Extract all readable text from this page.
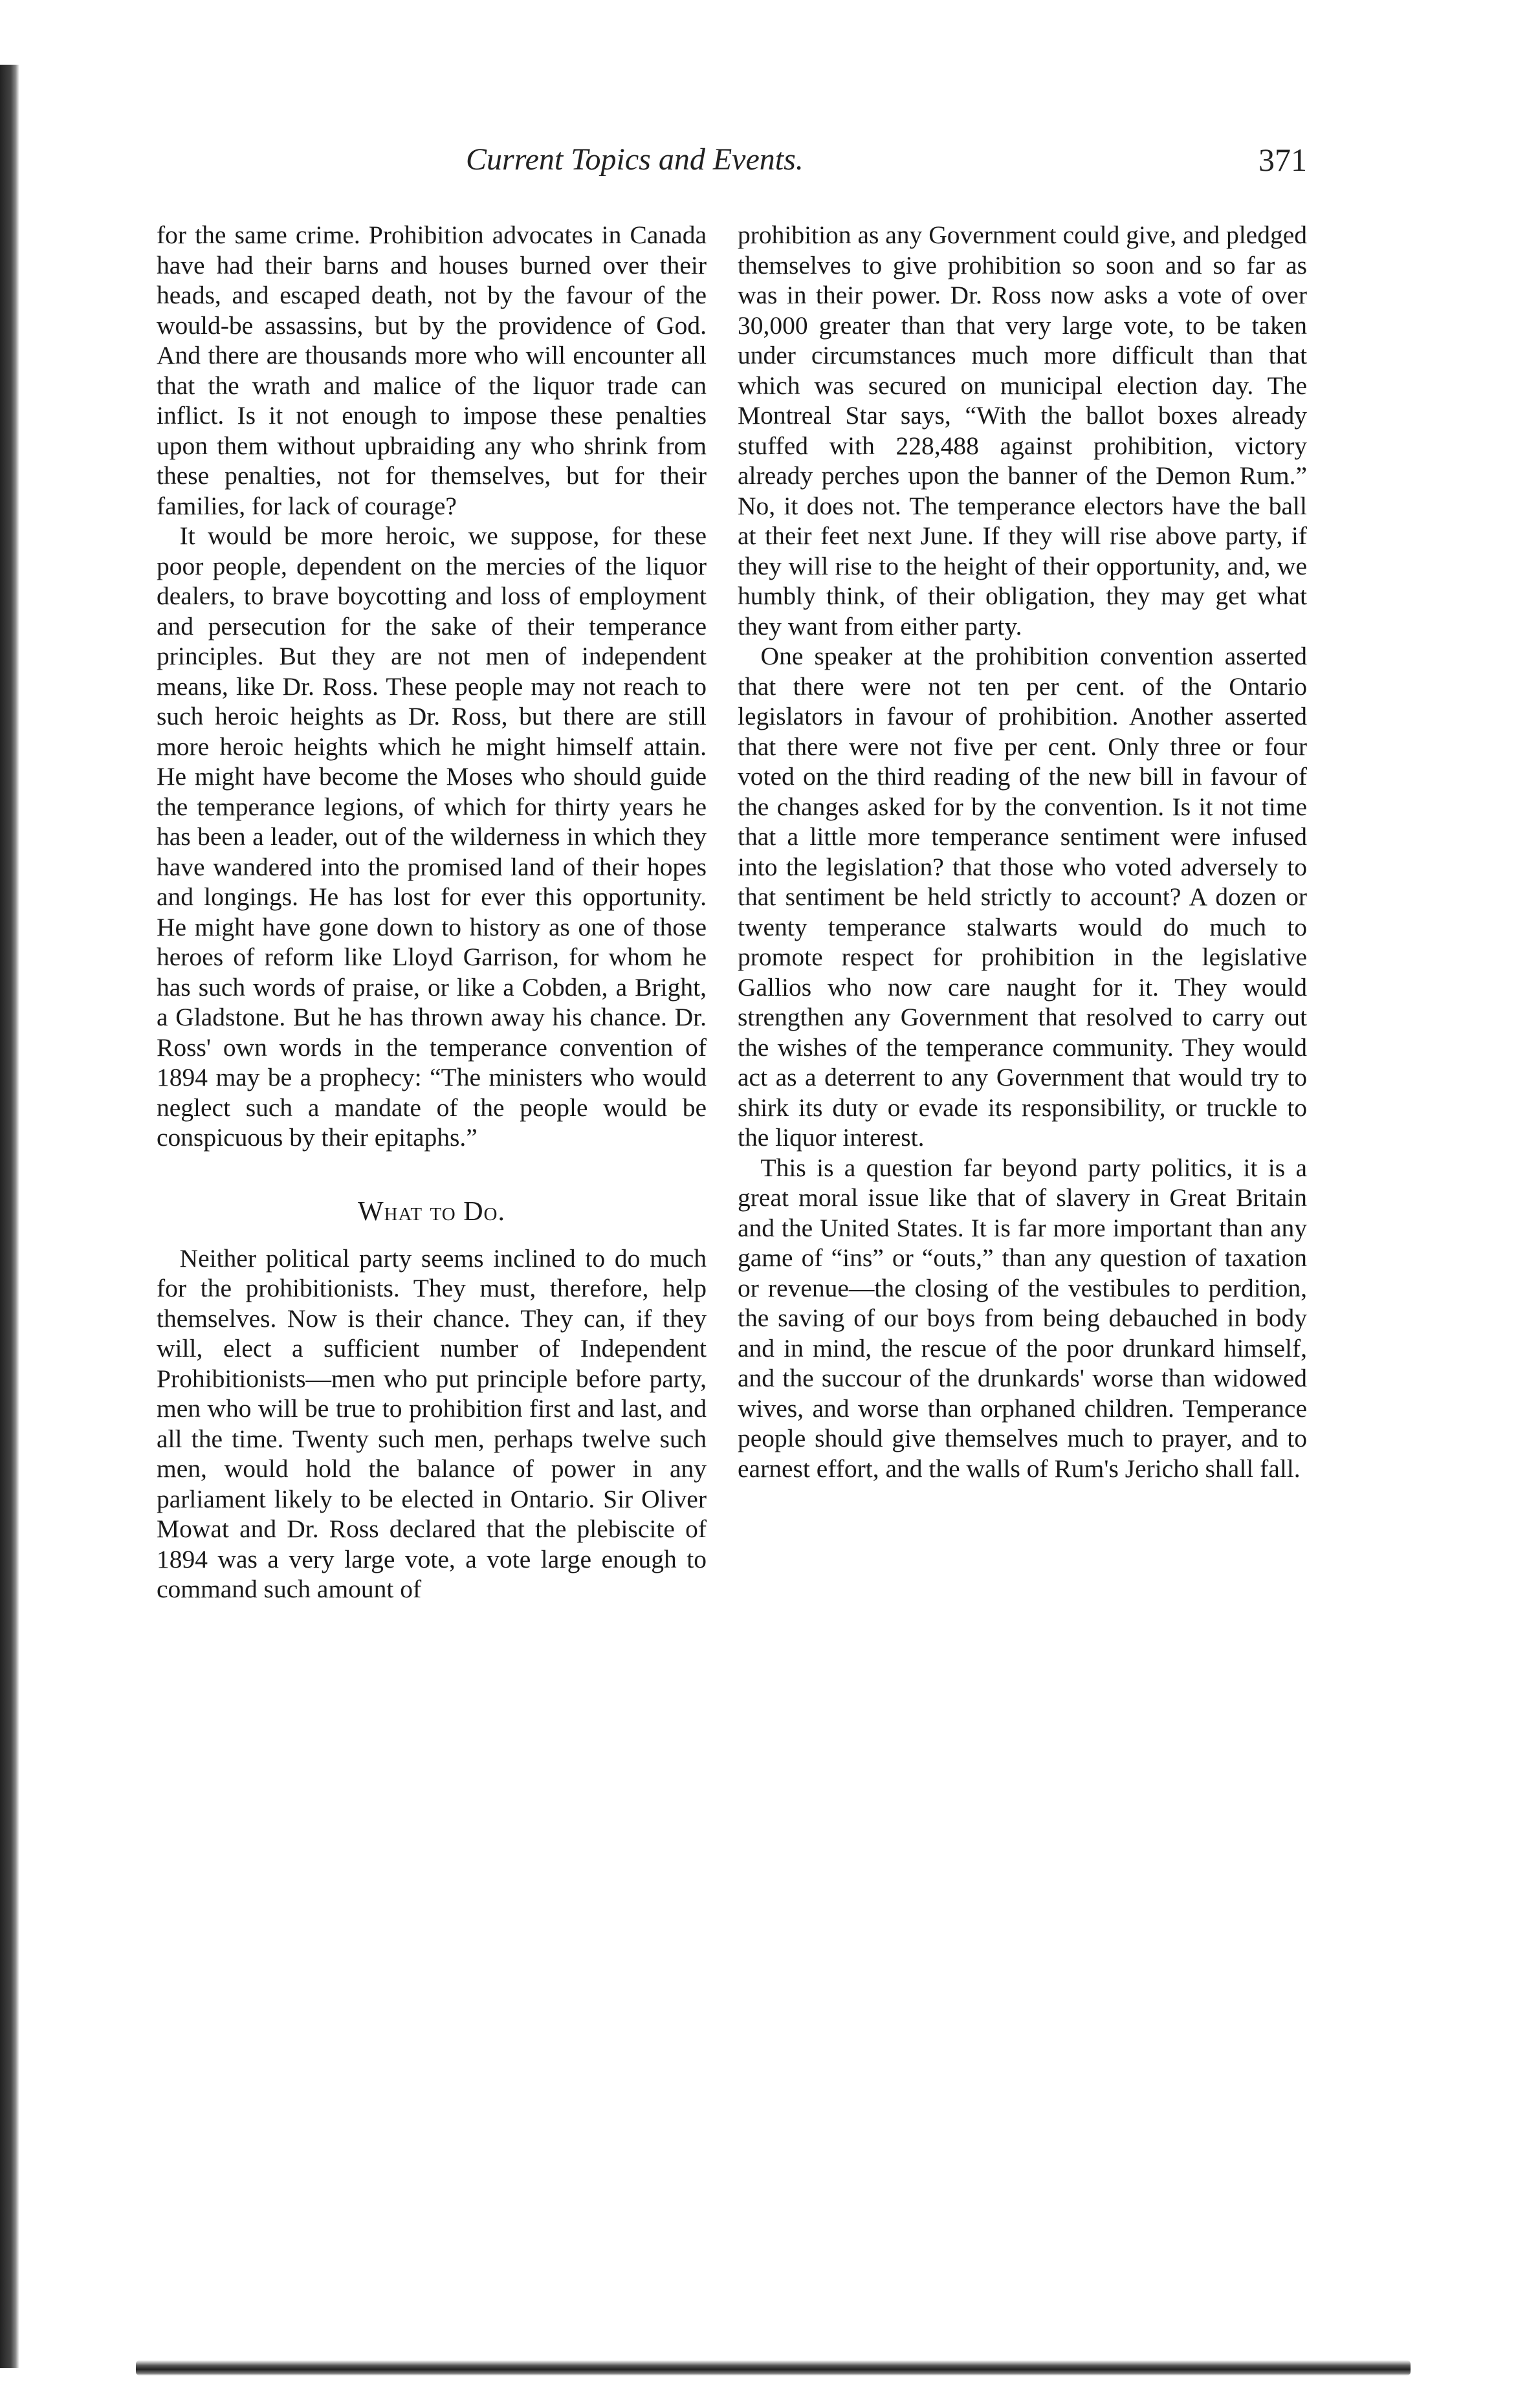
Current Topics and Events.	371

for the same crime. Prohibition advocates in Canada have had their barns and houses burned over their heads, and escaped death, not by the favour of the would-be assassins, but by the providence of God. And there are thousands more who will encounter all that the wrath and malice of the liquor trade can inflict. Is it not enough to impose these penalties upon them without upbraiding any who shrink from these penalties, not for themselves, but for their families, for lack of courage?

It would be more heroic, we suppose, for these poor people, dependent on the mercies of the liquor dealers, to brave boycotting and loss of employment and persecution for the sake of their temperance principles. But they are not men of independent means, like Dr. Ross. These people may not reach to such heroic heights as Dr. Ross, but there are still more heroic heights which he might himself attain. He might have become the Moses who should guide the temperance legions, of which for thirty years he has been a leader, out of the wilderness in which they have wandered into the promised land of their hopes and longings. He has lost for ever this opportunity. He might have gone down to history as one of those heroes of reform like Lloyd Garrison, for whom he has such words of praise, or like a Cobden, a Bright, a Gladstone. But he has thrown away his chance. Dr. Ross' own words in the temperance convention of 1894 may be a prophecy: “The ministers who would neglect such a mandate of the people would be conspicuous by their epitaphs.”

What to Do.

Neither political party seems inclined to do much for the prohibitionists. They must, therefore, help themselves. Now is their chance. They can, if they will, elect a sufficient number of Independent Prohibitionists—men who put principle before party, men who will be true to prohibition first and last, and all the time. Twenty such men, perhaps twelve such men, would hold the balance of power in any parliament likely to be elected in Ontario. Sir Oliver Mowat and Dr. Ross declared that the plebiscite of 1894 was a very large vote, a vote large enough to command such amount of

prohibition as any Government could give, and pledged themselves to give prohibition so soon and so far as was in their power. Dr. Ross now asks a vote of over 30,000 greater than that very large vote, to be taken under circumstances much more difficult than that which was secured on municipal election day. The Montreal Star says, “With the ballot boxes already stuffed with 228,488 against prohibition, victory already perches upon the banner of the Demon Rum.” No, it does not. The temperance electors have the ball at their feet next June. If they will rise above party, if they will rise to the height of their opportunity, and, we humbly think, of their obligation, they may get what they want from either party.

One speaker at the prohibition convention asserted that there were not ten per cent. of the Ontario legislators in favour of prohibition. Another asserted that there were not five per cent. Only three or four voted on the third reading of the new bill in favour of the changes asked for by the convention. Is it not time that a little more temperance sentiment were infused into the legislation? that those who voted adversely to that sentiment be held strictly to account? A dozen or twenty temperance stalwarts would do much to promote respect for prohibition in the legislative Gallios who now care naught for it. They would strengthen any Government that resolved to carry out the wishes of the temperance community. They would act as a deterrent to any Government that would try to shirk its duty or evade its responsibility, or truckle to the liquor interest.

This is a question far beyond party politics, it is a great moral issue like that of slavery in Great Britain and the United States. It is far more important than any game of “ins” or “outs,” than any question of taxation or revenue—the closing of the vestibules to perdition, the saving of our boys from being debauched in body and in mind, the rescue of the poor drunkard himself, and the succour of the drunkards' worse than widowed wives, and worse than orphaned children. Temperance people should give themselves much to prayer, and to earnest effort, and the walls of Rum's Jericho shall fall.
